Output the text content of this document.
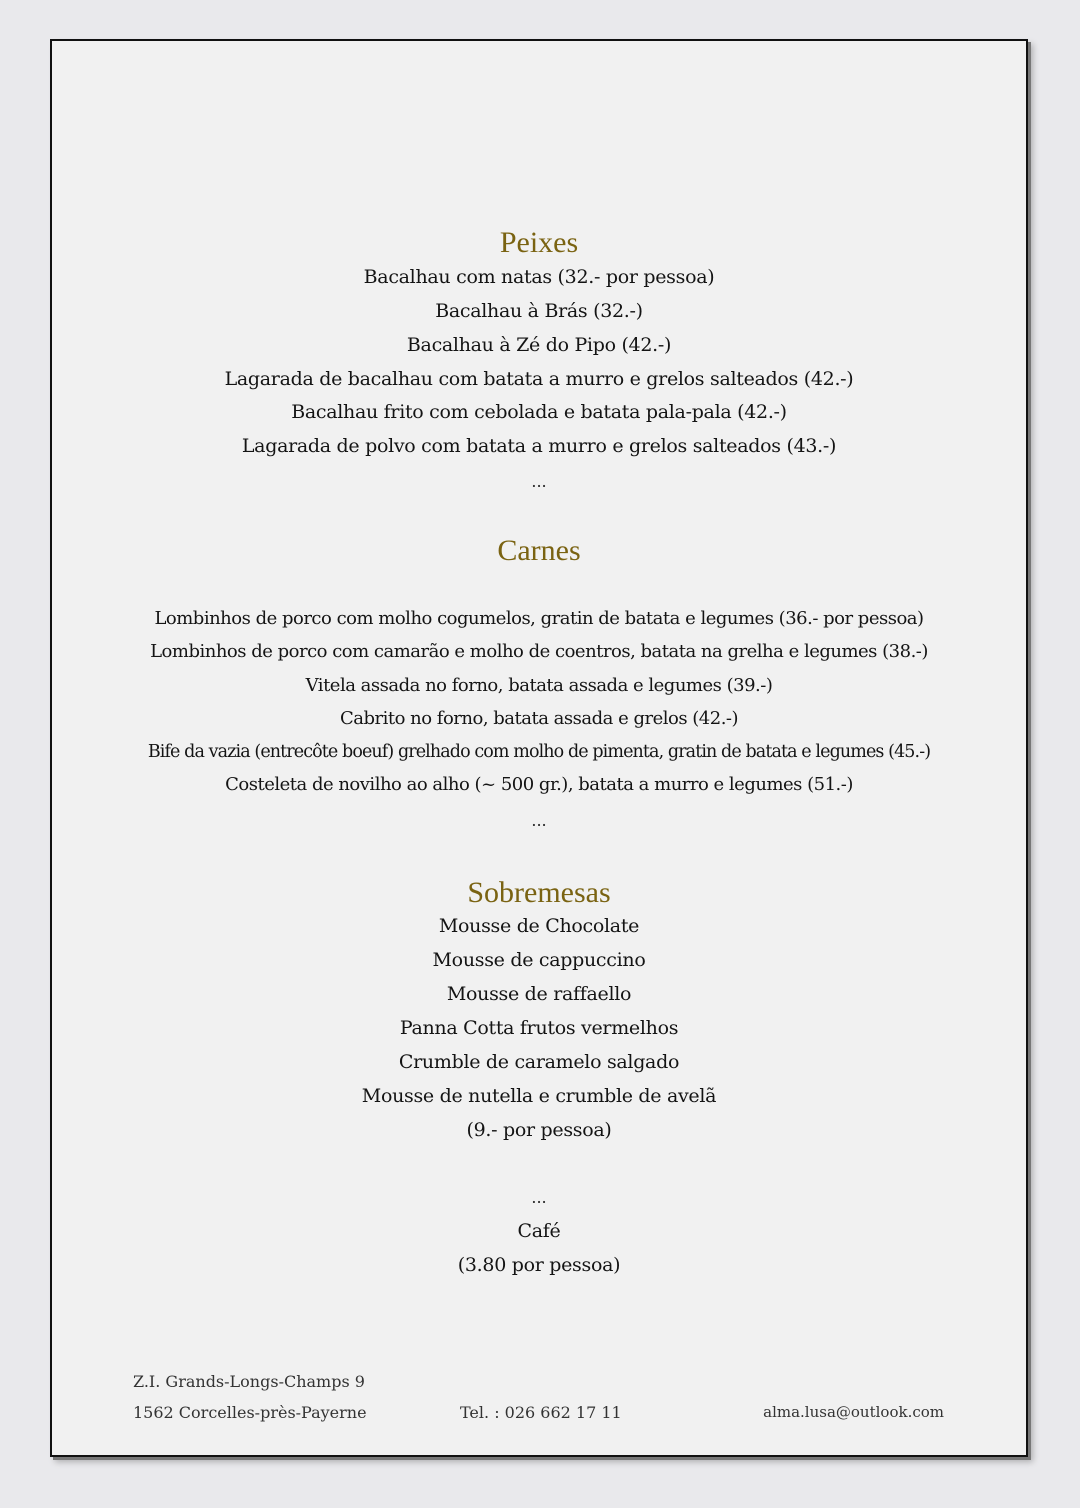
Peixes
Bacalhau com natas (32.- por pessoa)
Bacalhau à Brás (32.-)
Bacalhau à Zé do Pipo (42.-)
Lagarada de bacalhau com batata a murro e grelos salteados (42.-)
Bacalhau frito com cebolada e batata pala-pala (42.-)
Lagarada de polvo com batata a murro e grelos salteados (43.-)
...
Carnes
Lombinhos de porco com molho cogumelos, gratin de batata e legumes (36.- por pessoa)
Lombinhos de porco com camarão e molho de coentros, batata na grelha e legumes (38.-)
Vitela assada no forno, batata assada e legumes (39.-)
Cabrito no forno, batata assada e grelos (42.-)
Bife da vazia (entrecôte boeuf) grelhado com molho de pimenta, gratin de batata e legumes (45.-)
Costeleta de novilho ao alho (~ 500 gr.), batata a murro e legumes (51.-)
...
Sobremesas
Mousse de Chocolate
Mousse de cappuccino
Mousse de raffaello
Panna Cotta frutos vermelhos
Crumble de caramelo salgado
Mousse de nutella e crumble de avelã
(9.- por pessoa)
...
Café
(3.80 por pessoa)
Z.I. Grands-Longs-Champs 9
1562 Corcelles-près-Payerne	Tel. : 026 662 17 11	alma.lusa@outlook.com
